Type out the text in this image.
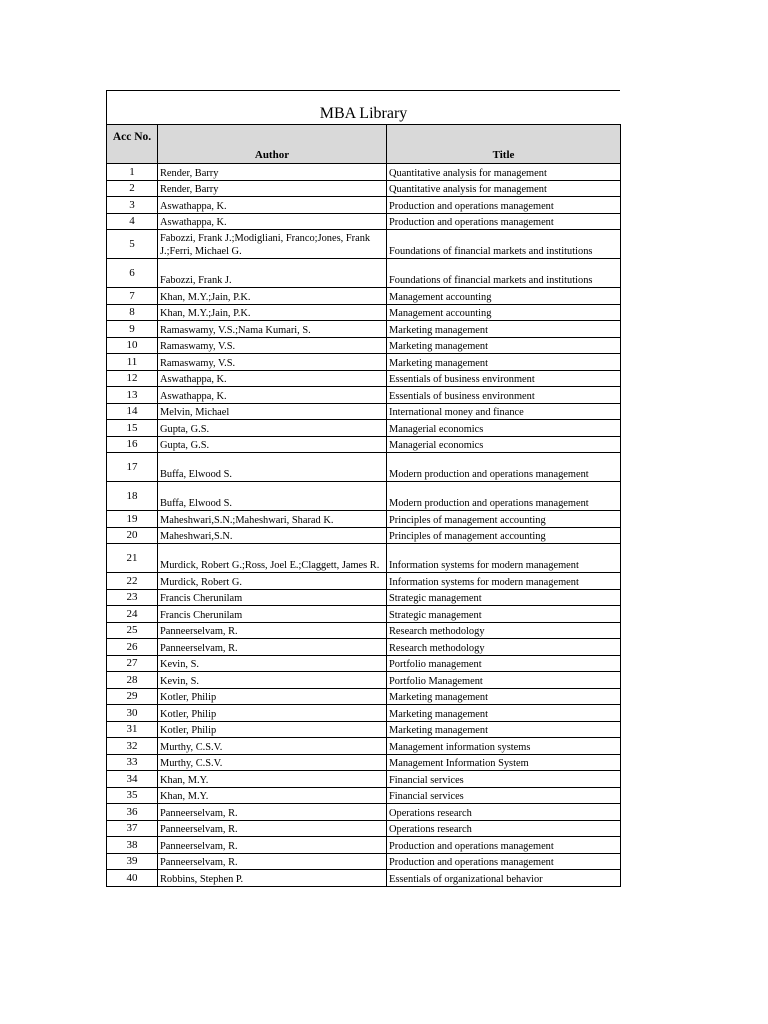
MBA Library
Acc No.	Author	Title
1	Render, Barry	Quantitative analysis for management
2	Render, Barry	Quantitative analysis for management
3	Aswathappa, K.	Production and operations management
4	Aswathappa, K.	Production and operations management
5	Fabozzi, Frank J.;Modigliani, Franco;Jones, Frank J.;Ferri, Michael G.	Foundations of financial markets and institutions
6	Fabozzi, Frank J.	Foundations of financial markets and institutions
7	Khan, M.Y.;Jain, P.K.	Management accounting
8	Khan, M.Y.;Jain, P.K.	Management accounting
9	Ramaswamy, V.S.;Nama Kumari, S.	Marketing management
10	Ramaswamy, V.S.	Marketing management
11	Ramaswamy, V.S.	Marketing management
12	Aswathappa, K.	Essentials of business environment
13	Aswathappa, K.	Essentials of business environment
14	Melvin, Michael	International money and finance
15	Gupta, G.S.	Managerial economics
16	Gupta, G.S.	Managerial economics
17	Buffa, Elwood S.	Modern production and operations management
18	Buffa, Elwood S.	Modern production and operations management
19	Maheshwari,S.N.;Maheshwari, Sharad K.	Principles of management accounting
20	Maheshwari,S.N.	Principles of management accounting
21	Murdick, Robert G.;Ross, Joel E.;Claggett, James R.	Information systems for modern management
22	Murdick, Robert G.	Information systems for modern management
23	Francis Cherunilam	Strategic management
24	Francis Cherunilam	Strategic management
25	Panneerselvam, R.	Research methodology
26	Panneerselvam, R.	Research methodology
27	Kevin, S.	Portfolio management
28	Kevin, S.	Portfolio Management
29	Kotler, Philip	Marketing management
30	Kotler, Philip	Marketing management
31	Kotler, Philip	Marketing management
32	Murthy, C.S.V.	Management information systems
33	Murthy, C.S.V.	Management Information System
34	Khan, M.Y.	Financial services
35	Khan, M.Y.	Financial services
36	Panneerselvam, R.	Operations research
37	Panneerselvam, R.	Operations research
38	Panneerselvam, R.	Production and operations management
39	Panneerselvam, R.	Production and operations management
40	Robbins, Stephen P.	Essentials of organizational behavior
